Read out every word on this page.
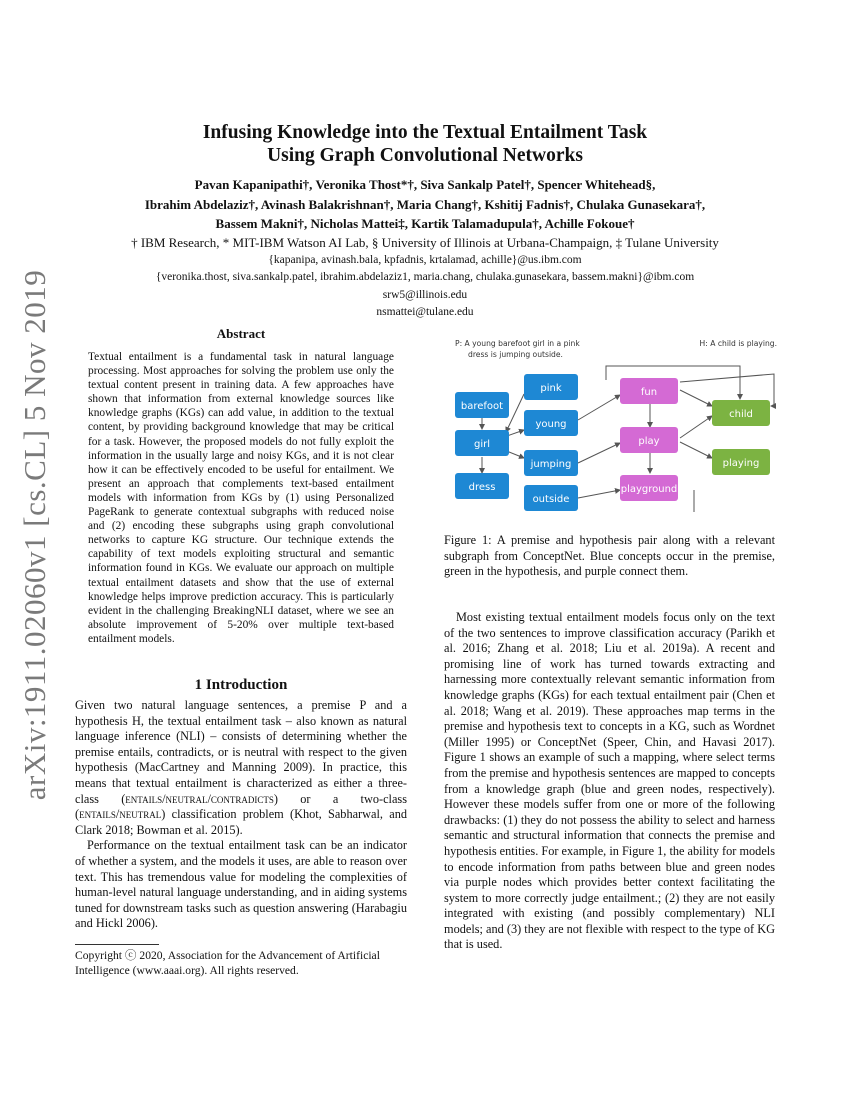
arXiv:1911.02060v1 [cs.CL] 5 Nov 2019
Infusing Knowledge into the Textual Entailment Task
Using Graph Convolutional Networks
Pavan Kapanipathi†, Veronika Thost*†, Siva Sankalp Patel†, Spencer Whitehead§,
Ibrahim Abdelaziz†, Avinash Balakrishnan†, Maria Chang†, Kshitij Fadnis†, Chulaka Gunasekara†,
Bassem Makni†, Nicholas Mattei‡, Kartik Talamadupula†, Achille Fokoue†
† IBM Research, * MIT-IBM Watson AI Lab, § University of Illinois at Urbana-Champaign, ‡ Tulane University
{kapanipa, avinash.bala, kpfadnis, krtalamad, achille}@us.ibm.com
{veronika.thost, siva.sankalp.patel, ibrahim.abdelaziz1, maria.chang, chulaka.gunasekara, bassem.makni}@ibm.com
srw5@illinois.edu
nsmattei@tulane.edu
Abstract
Textual entailment is a fundamental task in natural language processing. Most approaches for solving the problem use only the textual content present in training data. A few approaches have shown that information from external knowledge sources like knowledge graphs (KGs) can add value, in addition to the textual content, by providing background knowledge that may be critical for a task. However, the proposed models do not fully exploit the information in the usually large and noisy KGs, and it is not clear how it can be effectively encoded to be useful for entailment. We present an approach that complements text-based entailment models with information from KGs by (1) using Personalized PageRank to generate contextual subgraphs with reduced noise and (2) encoding these subgraphs using graph convolutional networks to capture KG structure. Our technique extends the capability of text models exploiting structural and semantic information found in KGs. We evaluate our approach on multiple textual entailment datasets and show that the use of external knowledge helps improve prediction accuracy. This is particularly evident in the challenging BreakingNLI dataset, where we see an absolute improvement of 5-20% over multiple text-based entailment models.
1 Introduction

Given two natural language sentences, a premise P and a hypothesis H, the textual entailment task – also known as natural language inference (NLI) – consists of determining whether the premise entails, contradicts, or is neutral with respect to the given hypothesis (MacCartney and Manning 2009). In practice, this means that textual entailment is characterized as either a three-class (entails/neutral/contradicts) or a two-class (entails/neutral) classification problem (Khot, Sabharwal, and Clark 2018; Bowman et al. 2015).

Performance on the textual entailment task can be an indicator of whether a system, and the models it uses, are able to reason over text. This has tremendous value for modeling the complexities of human-level natural language understanding, and in aiding systems tuned for downstream tasks such as question answering (Harabagiu and Hickl 2006).

Copyright ⓒ 2020, Association for the Advancement of Artificial Intelligence (www.aaai.org). All rights reserved.
P: A young barefoot girl in a pink
dress is jumping outside.
H: A child is playing.
pink
barefoot
young
girl
jumping
dress
outside
fun
play
playground
child
playing
Figure 1: A premise and hypothesis pair along with a relevant subgraph from ConceptNet. Blue concepts occur in the premise, green in the hypothesis, and purple connect them.

Most existing textual entailment models focus only on the text of the two sentences to improve classification accuracy (Parikh et al. 2016; Zhang et al. 2018; Liu et al. 2019a). A recent and promising line of work has turned towards extracting and harnessing more contextually relevant semantic information from knowledge graphs (KGs) for each textual entailment pair (Chen et al. 2018; Wang et al. 2019). These approaches map terms in the premise and hypothesis text to concepts in a KG, such as Wordnet (Miller 1995) or ConceptNet (Speer, Chin, and Havasi 2017). Figure 1 shows an example of such a mapping, where select terms from the premise and hypothesis sentences are mapped to concepts from a knowledge graph (blue and green nodes, respectively). However these models suffer from one or more of the following drawbacks: (1) they do not possess the ability to select and harness semantic and structural information that connects the premise and hypothesis entities. For example, in Figure 1, the ability for models to encode information from paths between blue and green nodes via purple nodes which provides better context facilitating the system to more correctly judge entailment.; (2) they are not easily integrated with existing (and possibly complementary) NLI models; and (3) they are not flexible with respect to the type of KG that is used.
